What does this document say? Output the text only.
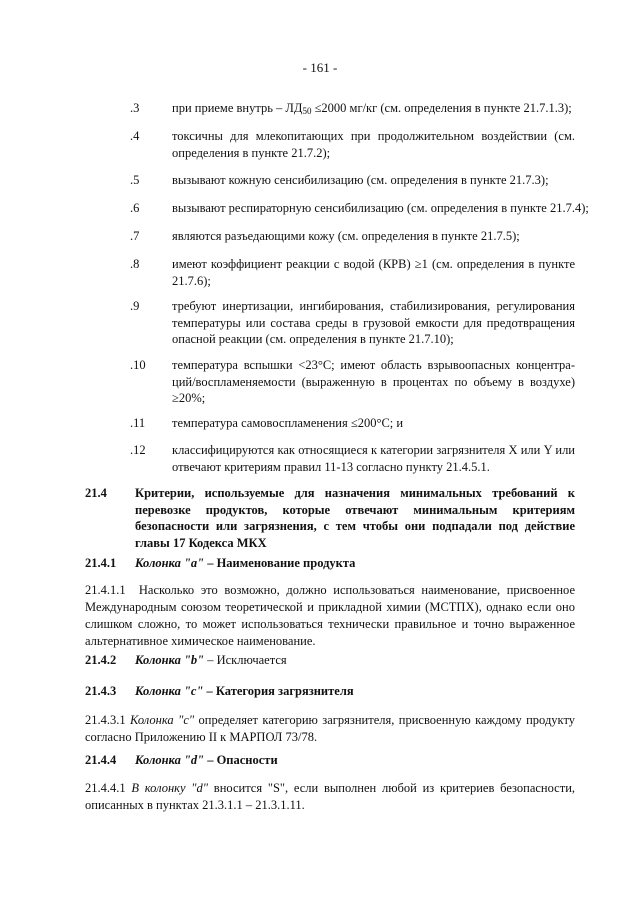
- 161 -
.3	при приеме внутрь – $ЛД_{50} \le 2000$ мг/кг (см. определения в пункте 21.7.1.3);
.4	токсичны для млекопитающих при продолжительном воздействии (см. определения в пункте 21.7.2);
.5	вызывают кожную сенсибилизацию (см. определения в пункте 21.7.3);
.6	вызывают респираторную сенсибилизацию (см. определения в пункте 21.7.4);
.7	являются разъедающими кожу (см. определения в пункте 21.7.5);
.8	имеют коэффициент реакции с водой (КРВ) ≥1 (см. определения в пункте 21.7.6);
.9	требуют инертизации, ингибирования, стабилизирования, регулирования температуры или состава среды в грузовой емкости для предотвращения опасной реакции (см. определения в пункте 21.7.10);
.10	температура вспышки <23°C; имеют область взрывоопасных концентра-ций/воспламеняемости (выраженную в процентах по объему в воздухе) ≥20%;
.11	температура самовоспламенения ≤200°C; и
.12	классифицируются как относящиеся к категории загрязнителя X или Y или отвечают критериям правил 11-13 согласно пункту 21.4.5.1.
21.4 Критерии, используемые для назначения минимальных требований к перевозке продуктов, которые отвечают минимальным критериям безопасности или загрязнения, с тем чтобы они подпадали под действие главы 17 Кодекса МКХ
21.4.1 Колонка "a" – Наименование продукта
21.4.1.1 Насколько это возможно, должно использоваться наименование, присвоенное Международным союзом теоретической и прикладной химии (МСТПХ), однако если оно слишком сложно, то может использоваться технически правильное и точно выраженное альтернативное химическое наименование.
21.4.2 Колонка "b" – Исключается
21.4.3 Колонка "c" – Категория загрязнителя
21.4.3.1 Колонка "c" определяет категорию загрязнителя, присвоенную каждому продукту согласно Приложению II к МАРПОЛ 73/78.
21.4.4 Колонка "d" – Опасности
21.4.4.1 В колонку "d" вносится "S", если выполнен любой из критериев безопасности, описанных в пунктах 21.3.1.1 – 21.3.1.11.
